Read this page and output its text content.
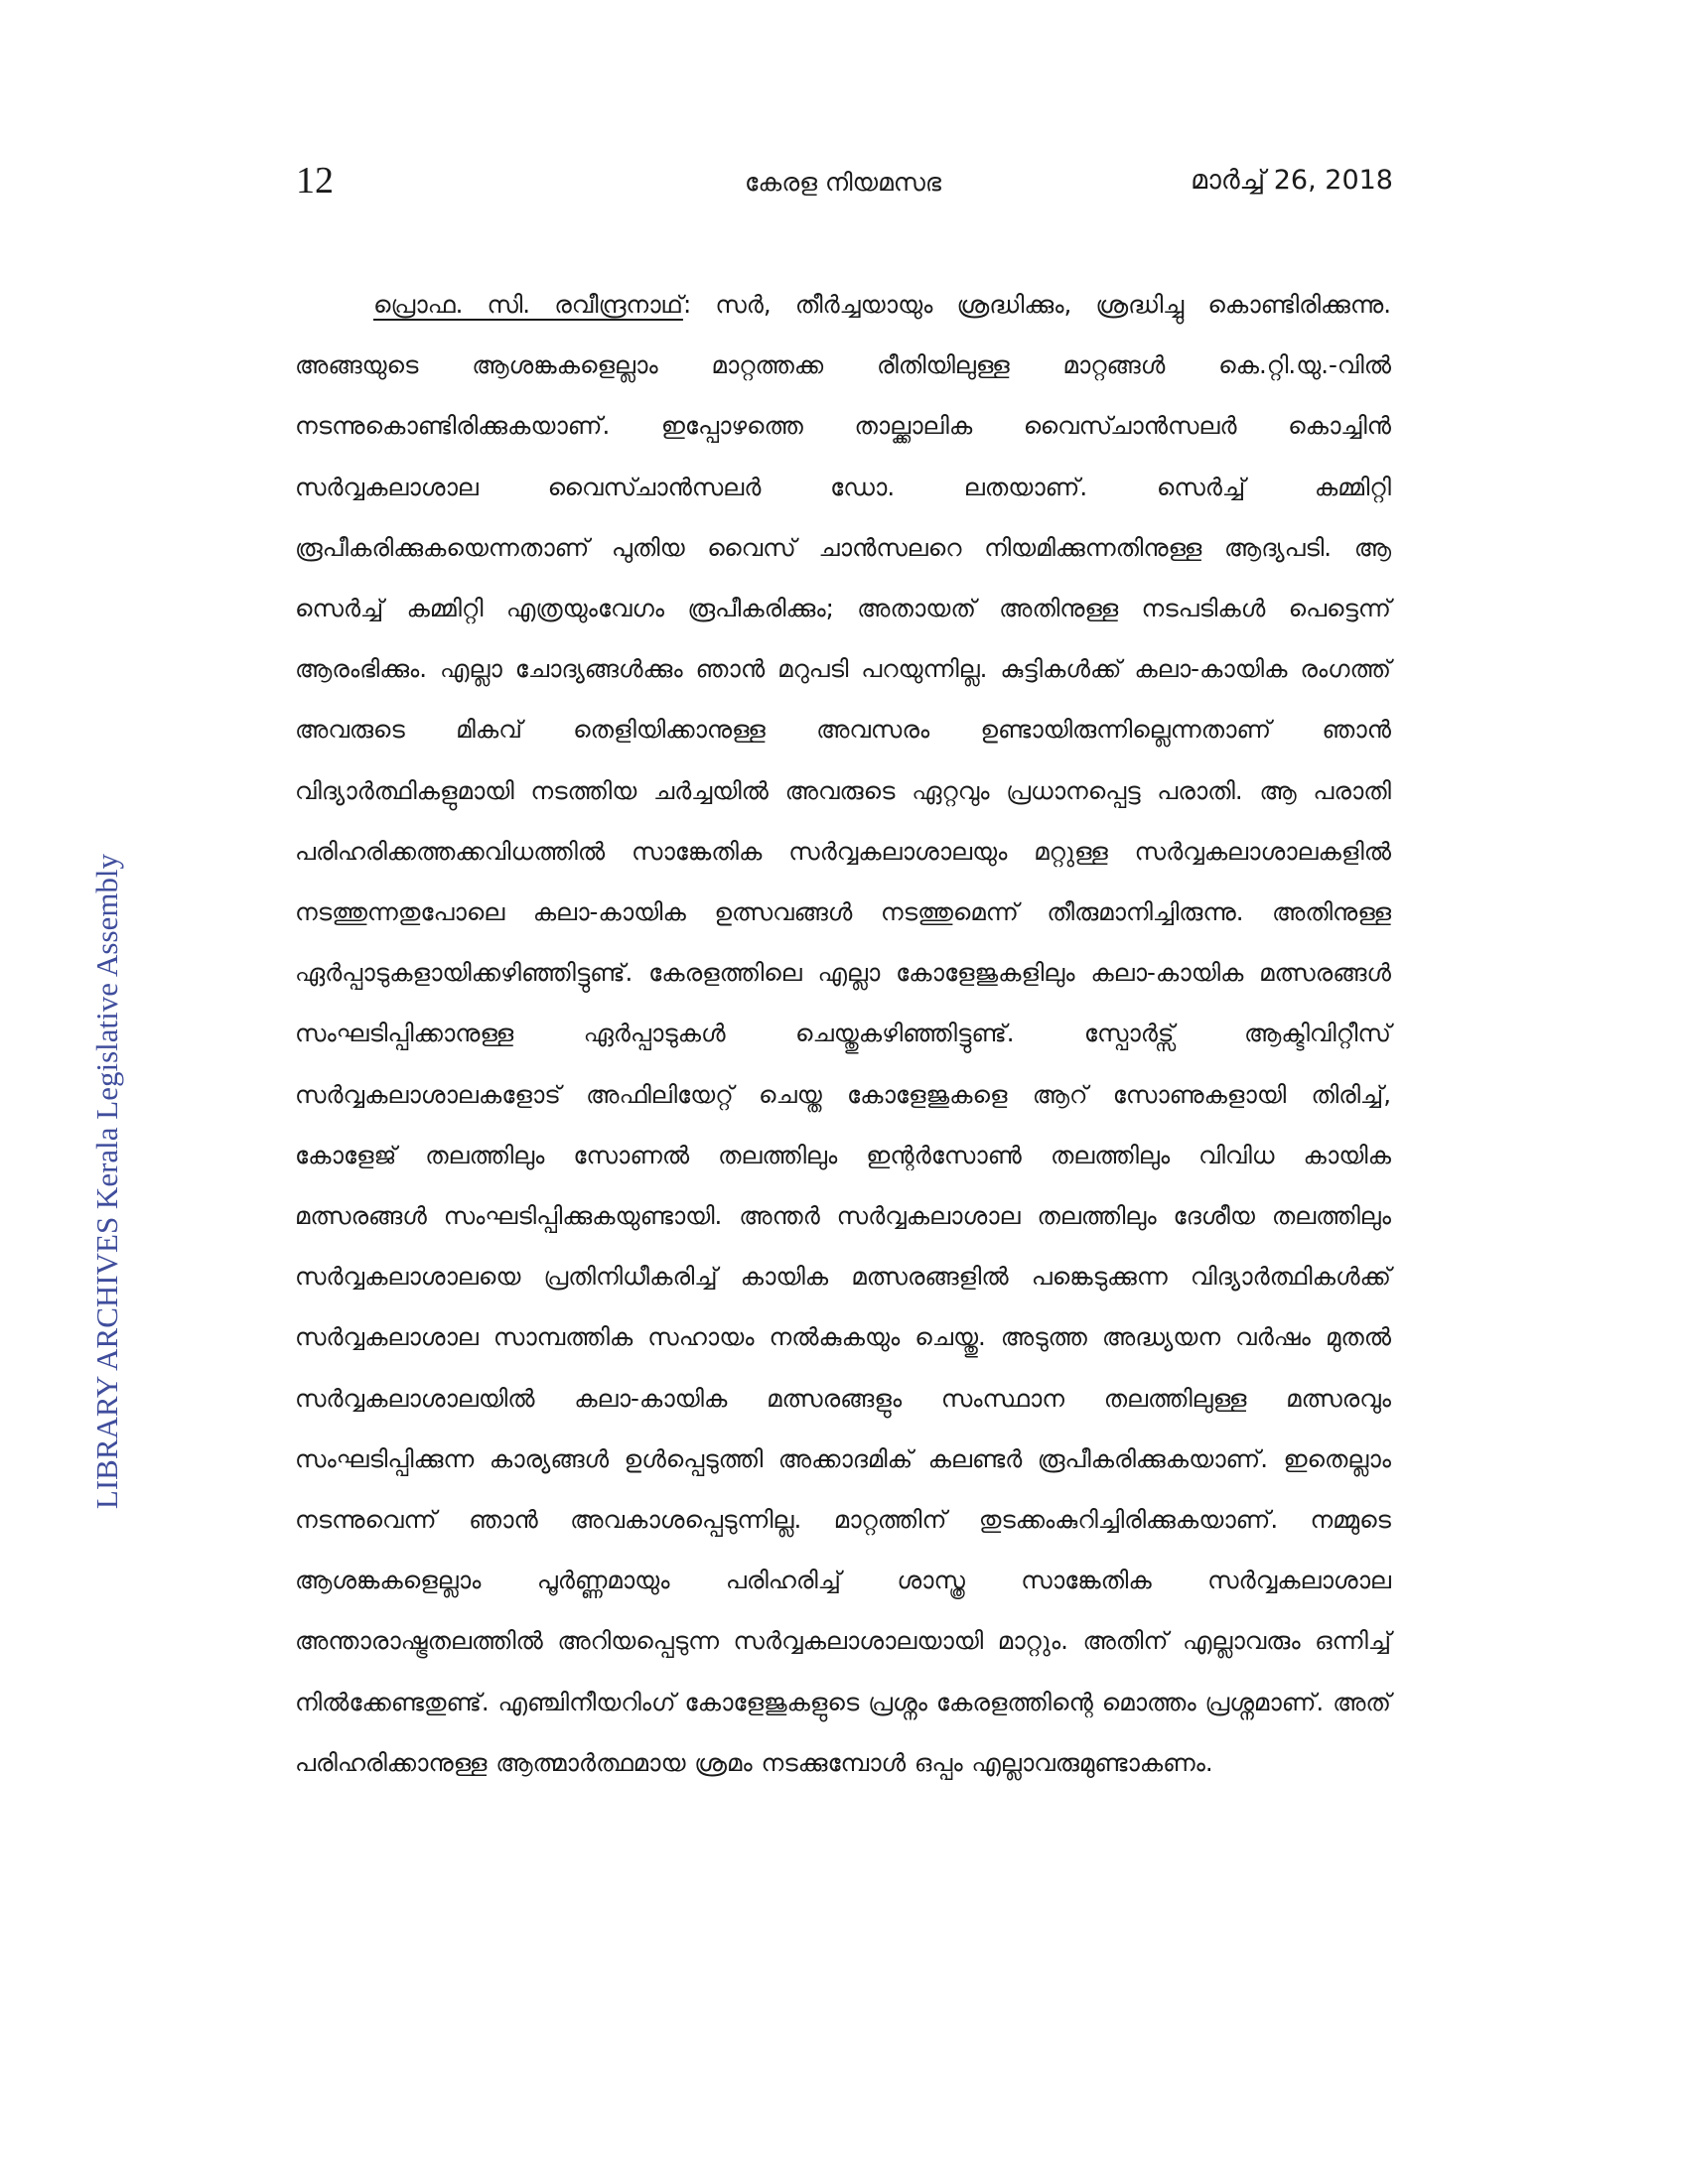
12	കേരള നിയമസഭ	മാർച്ച് 26, 2018
LIBRARY ARCHIVES Kerala Legislative Assembly

പ്രൊഫ. സി. രവീന്ദ്രനാഥ്: സർ, തീർച്ചയായും ശ്രദ്ധിക്കും, ശ്രദ്ധിച്ചു കൊണ്ടിരിക്കുന്നു. അങ്ങയുടെ ആശങ്കകളെല്ലാം മാറ്റത്തക്ക രീതിയിലുള്ള മാറ്റങ്ങൾ കെ.റ്റി.യു.-വിൽ നടന്നുകൊണ്ടിരിക്കുകയാണ്. ഇപ്പോഴത്തെ താല്ക്കാലിക വൈസ്ചാൻസലർ കൊച്ചിൻ സർവ്വകലാശാല വൈസ്ചാൻസലർ ഡോ. ലതയാണ്. സെർച്ച് കമ്മിറ്റി രൂപീകരിക്കുകയെന്നതാണ് പുതിയ വൈസ് ചാൻസലറെ നിയമിക്കുന്നതിനുള്ള ആദ്യപടി. ആ സെർച്ച് കമ്മിറ്റി എത്രയുംവേഗം രൂപീകരിക്കും; അതായത് അതിനുള്ള നടപടികൾ പെട്ടെന്ന് ആരംഭിക്കും. എല്ലാ ചോദ്യങ്ങൾക്കും ഞാൻ മറുപടി പറയുന്നില്ല. കുട്ടികൾക്ക് കലാ-കായിക രംഗത്ത് അവരുടെ മികവ് തെളിയിക്കാനുള്ള അവസരം ഉണ്ടായിരുന്നില്ലെന്നതാണ് ഞാൻ വിദ്യാർത്ഥികളുമായി നടത്തിയ ചർച്ചയിൽ അവരുടെ ഏറ്റവും പ്രധാനപ്പെട്ട പരാതി. ആ പരാതി പരിഹരിക്കത്തക്കവിധത്തിൽ സാങ്കേതിക സർവ്വകലാശാലയും മറ്റുള്ള സർവ്വകലാശാലകളിൽ നടത്തുന്നതുപോലെ കലാ-കായിക ഉത്സവങ്ങൾ നടത്തുമെന്ന് തീരുമാനിച്ചിരുന്നു. അതിനുള്ള ഏർപ്പാടുകളായിക്കഴിഞ്ഞിട്ടുണ്ട്. കേരളത്തിലെ എല്ലാ കോളേജുകളിലും കലാ-കായിക മത്സരങ്ങൾ സംഘടിപ്പിക്കാനുള്ള ഏർപ്പാടുകൾ ചെയ്തുകഴിഞ്ഞിട്ടുണ്ട്. സ്പോർട്സ് ആക്ടിവിറ്റീസ് സർവ്വകലാശാലകളോട് അഫിലിയേറ്റ് ചെയ്ത കോളേജുകളെ ആറ് സോണുകളായി തിരിച്ച്, കോളേജ് തലത്തിലും സോണൽ തലത്തിലും ഇന്റർസോൺ തലത്തിലും വിവിധ കായിക മത്സരങ്ങൾ സംഘടിപ്പിക്കുകയുണ്ടായി. അന്തർ സർവ്വകലാശാല തലത്തിലും ദേശീയ തലത്തിലും സർവ്വകലാശാലയെ പ്രതിനിധീകരിച്ച് കായിക മത്സരങ്ങളിൽ പങ്കെടുക്കുന്ന വിദ്യാർത്ഥികൾക്ക് സർവ്വകലാശാല സാമ്പത്തിക സഹായം നൽകുകയും ചെയ്തു. അടുത്ത അദ്ധ്യയന വർഷം മുതൽ സർവ്വകലാശാലയിൽ കലാ-കായിക മത്സരങ്ങളും സംസ്ഥാന തലത്തിലുള്ള മത്സരവും സംഘടിപ്പിക്കുന്ന കാര്യങ്ങൾ ഉൾപ്പെടുത്തി അക്കാദമിക് കലണ്ടർ രൂപീകരിക്കുകയാണ്. ഇതെല്ലാം നടന്നുവെന്ന് ഞാൻ അവകാശപ്പെടുന്നില്ല. മാറ്റത്തിന് തുടക്കംകുറിച്ചിരിക്കുകയാണ്. നമ്മുടെ ആശങ്കകളെല്ലാം പൂർണ്ണമായും പരിഹരിച്ച് ശാസ്ത്ര സാങ്കേതിക സർവ്വകലാശാല അന്താരാഷ്ട്രതലത്തിൽ അറിയപ്പെടുന്ന സർവ്വകലാശാലയായി മാറ്റും. അതിന് എല്ലാവരും ഒന്നിച്ച് നിൽക്കേണ്ടതുണ്ട്. എഞ്ചിനീയറിംഗ് കോളേജുകളുടെ പ്രശ്നം കേരളത്തിന്റെ മൊത്തം പ്രശ്നമാണ്. അത് പരിഹരിക്കാനുള്ള ആത്മാർത്ഥമായ ശ്രമം നടക്കുമ്പോൾ ഒപ്പം എല്ലാവരുമുണ്ടാകണം.
